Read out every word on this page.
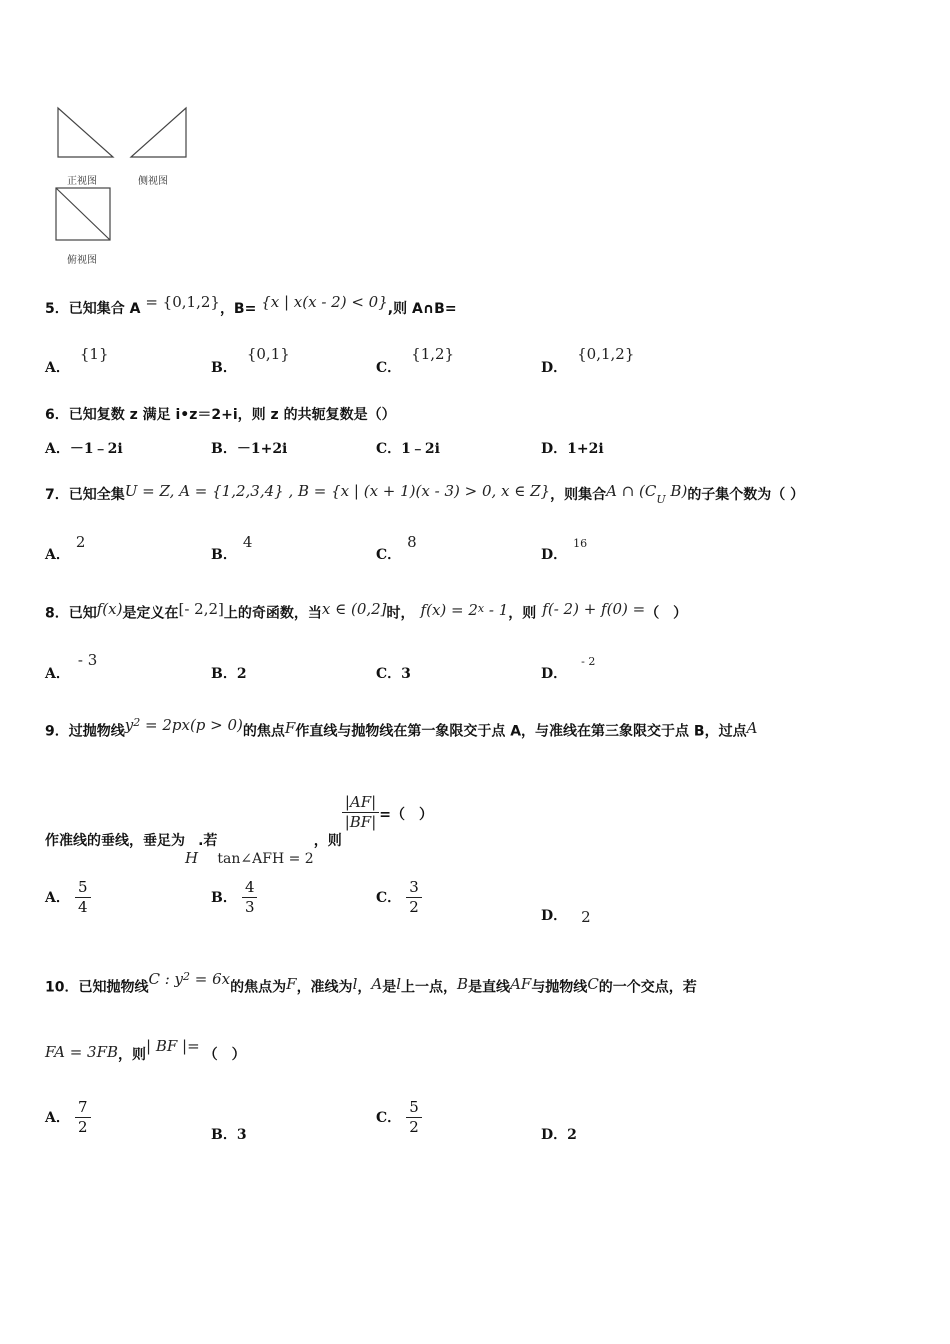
正视图	侧视图
俯视图
5．已知集合 A = {0,1,2}，B= {x | x(x - 2) < 0},则 A∩B=
A．{1}
B．{0,1}
C．{1,2}
D．{0,1,2}
6．已知复数 z 满足 i•z＝2+i，则 z 的共轭复数是（）
A．－1﹣2i	B．－1+2i	C．1﹣2i	D．1+2i
7．已知全集U = Z, A = {1,2,3,4} , B = {x | (x + 1)(x - 3) > 0, x ∈ Z}，则集合A ∩ ($C_U$ B)的子集个数为（ ）
A．2
B．4
C．8
D．16
8．已知f(x)是定义在[- 2,2]上的奇函数，当x ∈ (0,2]时， $f(x) = 2^x - 1$，则 f(- 2) + f(0) =（　）
A．- 3
B．2	C．3	D．- 2
9．过抛物线$y^2 = 2px(p > 0)$的焦点F作直线与抛物线在第一象限交于点 A，与准线在第三象限交于点 B，过点A
作准线的垂线，垂足为H.若tan∠AFH = 2，则
$\frac{|AF|}{|BF|}$ =（　）
A． $\frac{5}{4}$	B． $\frac{4}{3}$	C． $\frac{3}{2}$	D． 2
10．已知抛物线C : $y^2 = 6x$的焦点为F，准线为l，A是l上一点，B是直线AF与抛物线C的一个交点，若
FA = 3FB，则| BF |= （　）
A． $\frac{7}{2}$	B．3
C． $\frac{5}{2}$	D．2
